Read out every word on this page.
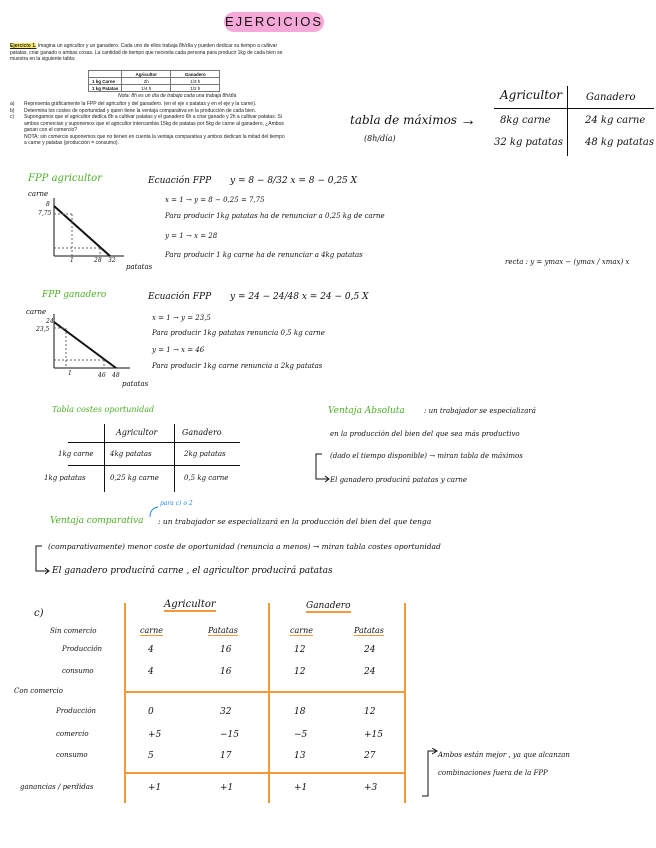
EJERCICIOS
Ejercicio 1. Imagina un agricultor y un ganadero. Cada uno de ellos trabaja 8h/día y pueden dedicar su tiempo a cultivar
patatas, criar ganado o ambas cosas. La cantidad de tiempo que necesita cada persona para producir 1kg de cada bien se
muestra en la siguiente tabla:
	Agricultor	Ganadero
1 kg Carne	2h	1/3 h
1 kg Patatas	1/4 h	1/2 h
Nota: 8h es un día de trabajo cada una trabaja 8h/día
a) Representa gráficamente la FPP del agricultor y del ganadero. (en el eje x patatas y en el eje y la carne).
b) Determina los costes de oportunidad y quien tiene la ventaja comparativa en la producción de cada bien.
c) Supongamos que el agricultor dedica 8h a cultivar patatas y el ganadero 6h a criar ganado y 2h a cultivar patatas. Si
ambos comercian y suponemos que el agricultor intercambia 15kg de patatas por 5kg de carne al ganadero, ¿Ambos
ganan con el comercio?
NOTA: sin comercio suponemos que no tienen en cuenta la ventaja comparativa y ambos dedican la mitad del tiempo
a carne y patatas (producción = consumo).
tabla de máximos
(8h/día)
→
Agricultor Ganadero
8kg carne	24 kg carne
32 kg patatas 48 kg patatas
FPP agricultor
carne
8
7,75
1	28 32
patatas
Ecuación FPP y = 8 − 8/32 x = 8 − 0,25 X
x = 1 → y = 8 − 0,25 = 7,75
Para producir 1kg patatas ha de renunciar a 0,25 kg de carne
y = 1 → x = 28
Para producir 1 kg carne ha de renunciar a 4kg patatas
recta : y = ymax − (ymax / xmax) x
FPP ganadero
carne
24
23,5
1	46 48
patatas
Ecuación FPP y = 24 − 24/48 x = 24 − 0,5 X
x = 1 → y = 23,5
Para producir 1kg patatas renuncia 0,5 kg carne
y = 1 → x = 46
Para producir 1kg carne renuncia a 2kg patatas
Tabla costes oportunidad
Agricultor	Ganadero
1kg carne 4kg patatas	2kg patatas
1kg patatas	0,25 kg carne	0,5 kg carne
Ventaja Absoluta	: un trabajador se especializará
en la producción del bien del que sea más productivo
(dado el tiempo disponible) → miran tabla de máximos
El ganadero producirá patatas y carne
para c) o 2
Ventaja comparativa : un trabajador se especializará en la producción del bien del que tenga
(comparativamente) menor coste de oportunidad (renuncia a menos) → miran tabla costes oportunidad
El ganadero producirá carne , el agricultor producirá patatas
c)
Agricultor	Ganadero
carne	Patatas	carne	Patatas
Sin comercio
Con comercio
Producción	4	16	12	24
consumo	4	16	12	24
Producción	0	32	18	12
comercio	+5	−15	−5	+15
consumo	5	17	13	27
ganancias / perdidas	+1	+1	+1	+3
Ambos están mejor , ya que alcanzan
combinaciones fuera de la FPP
